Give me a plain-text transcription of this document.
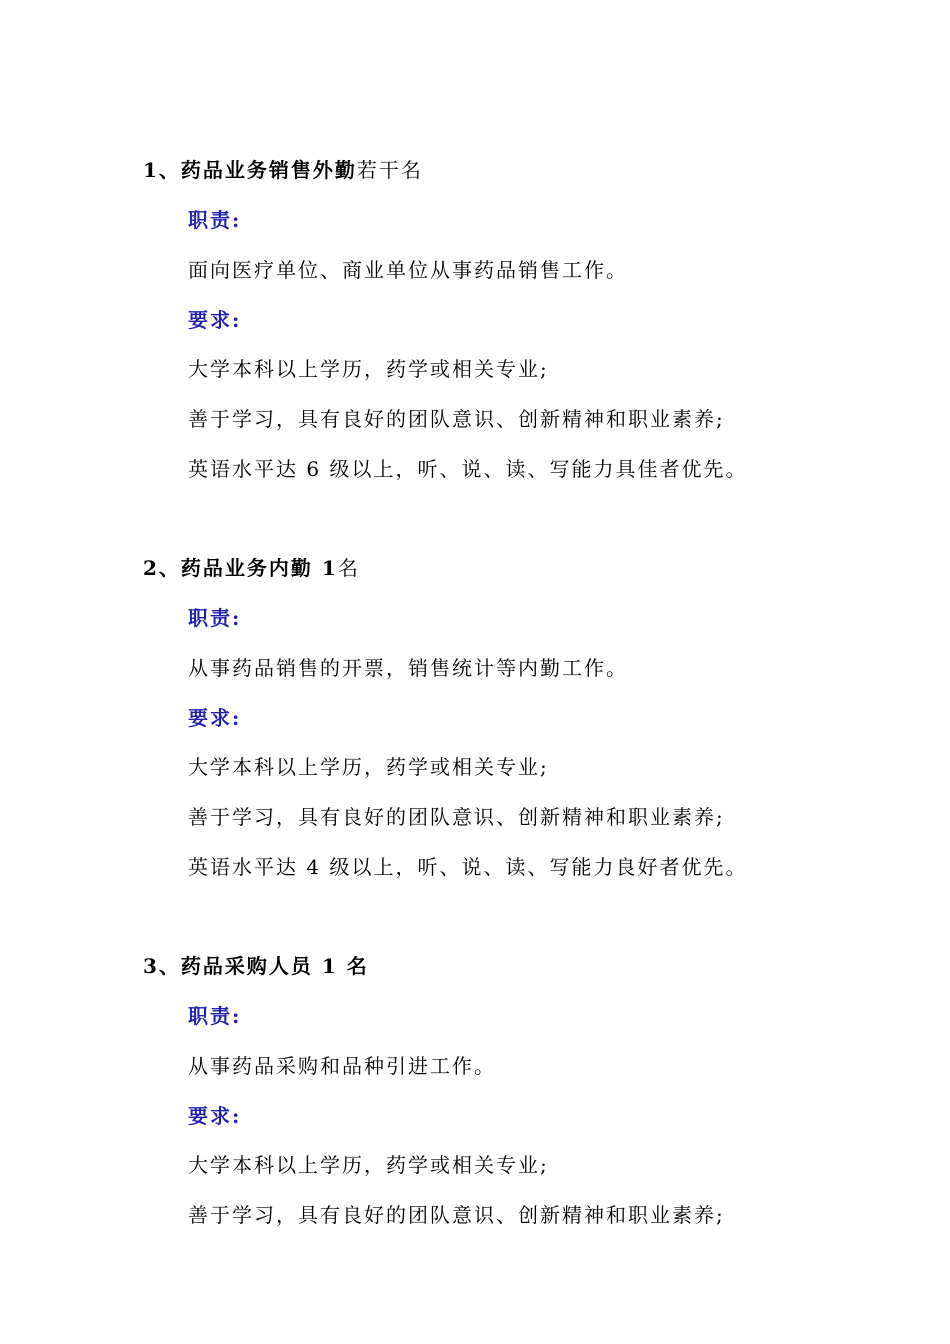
1、药品业务销售外勤若干名
职责:
面向医疗单位、商业单位从事药品销售工作。
要求:
大学本科以上学历，药学或相关专业;
善于学习，具有良好的团队意识、创新精神和职业素养;
英语水平达 6 级以上，听、说、读、写能力具佳者优先。
2、药品业务内勤 1名
职责:
从事药品销售的开票，销售统计等内勤工作。
要求:
大学本科以上学历，药学或相关专业;
善于学习，具有良好的团队意识、创新精神和职业素养;
英语水平达 4 级以上，听、说、读、写能力良好者优先。
3、药品采购人员 1 名
职责:
从事药品采购和品种引进工作。
要求:
大学本科以上学历，药学或相关专业;
善于学习，具有良好的团队意识、创新精神和职业素养;
